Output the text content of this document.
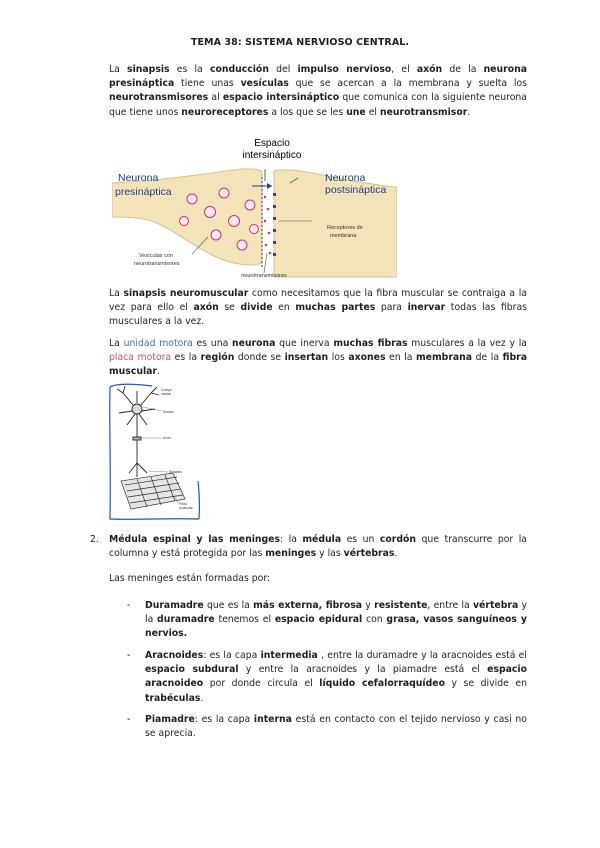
TEMA 38: SISTEMA NERVIOSO CENTRAL.

La sinapsis es la conducción del impulso nervioso, el axón de la neurona presináptica tiene unas vesículas que se acercan a la membrana y suelta los neurotransmisores al espacio intersináptico que comunica con la siguiente neurona que tiene unos neuroreceptores a los que se les une el neurotransmisor.

Espacio
intersináptico
Neurona
presináptica
Neurona
postsináptica
Vesículas con
neurotransmisores
Receptores de
membrana
neurotransmisores

La sinapsis neuromuscular como necesitamos que la fibra muscular se contraiga a la vez para ello el axón se divide en muchas partes para inervar todas las fibras musculares a la vez.

La unidad motora es una neurona que inerva muchas fibras musculares a la vez y la placa motora es la región donde se insertan los axones en la membrana de la fibra muscular.

Cuerpo
celular
Núcleo
Axón
Sinapsis
Fibra
muscular
2. Médula espinal y las meninges: la médula es un cordón que transcurre por la columna y está protegida por las meninges y las vértebras.

Las meninges están formadas por:

- Duramadre que es la más externa, fibrosa y resistente, entre la vértebra y la duramadre tenemos el espacio epidural con grasa, vasos sanguíneos y nervios.

- Aracnoides: es la capa intermedia , entre la duramadre y la aracnoides está el espacio subdural y entre la aracnoides y la piamadre está el espacio aracnoideo por donde circula el líquido cefalorraquídeo y se divide en trabéculas.

- Piamadre: es la capa interna está en contacto con el tejido nervioso y casi no se aprecia.
